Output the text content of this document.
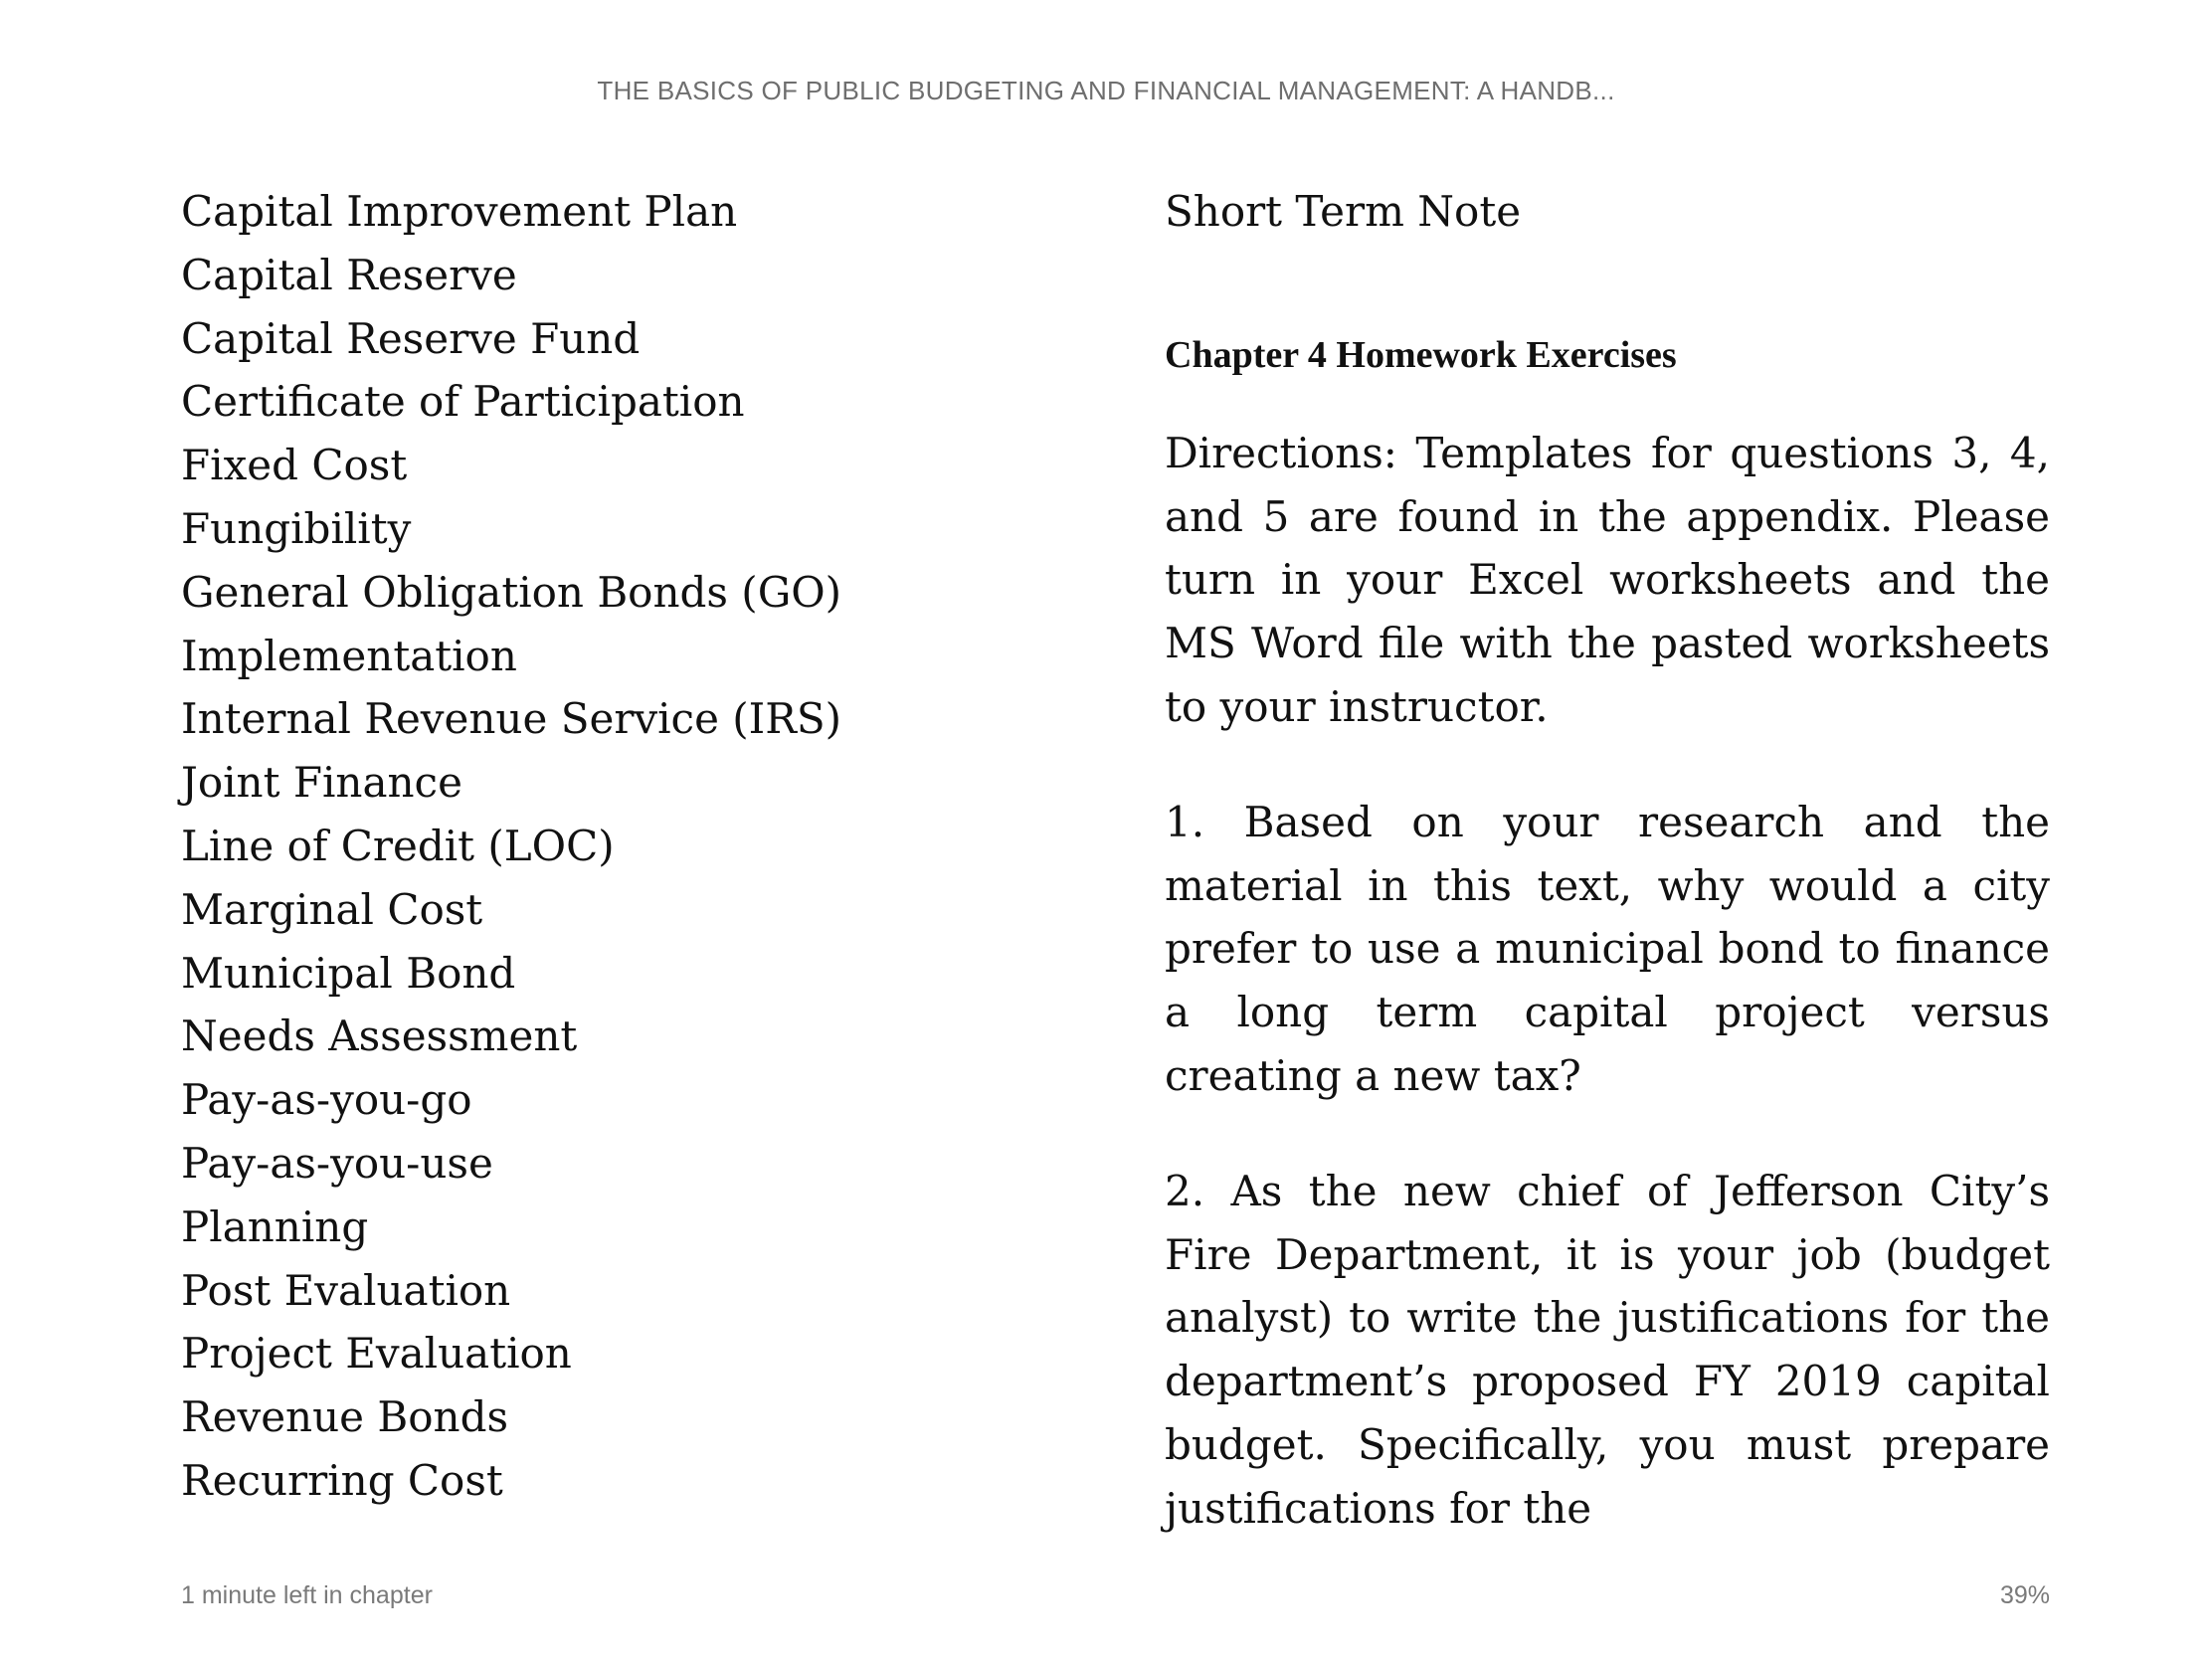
THE BASICS OF PUBLIC BUDGETING AND FINANCIAL MANAGEMENT: A HANDB...
Capital Improvement Plan
Capital Reserve
Capital Reserve Fund
Certificate of Participation
Fixed Cost
Fungibility
General Obligation Bonds (GO)
Implementation
Internal Revenue Service (IRS)
Joint Finance
Line of Credit (LOC)
Marginal Cost
Municipal Bond
Needs Assessment
Pay-as-you-go
Pay-as-you-use
Planning
Post Evaluation
Project Evaluation
Revenue Bonds
Recurring Cost
Short Term Note
Chapter 4 Homework Exercises

Directions: Templates for questions 3, 4, and 5 are found in the appendix. Please turn in your Excel worksheets and the MS Word file with the pasted worksheets to your instructor.

1. Based on your research and the material in this text, why would a city prefer to use a municipal bond to finance a long term capital project versus creating a new tax?

2. As the new chief of Jefferson City’s Fire Department, it is your job (budget analyst) to write the justifications for the department’s proposed FY 2019 capital budget. Specifically, you must prepare justifications for the

1 minute left in chapter	39%
